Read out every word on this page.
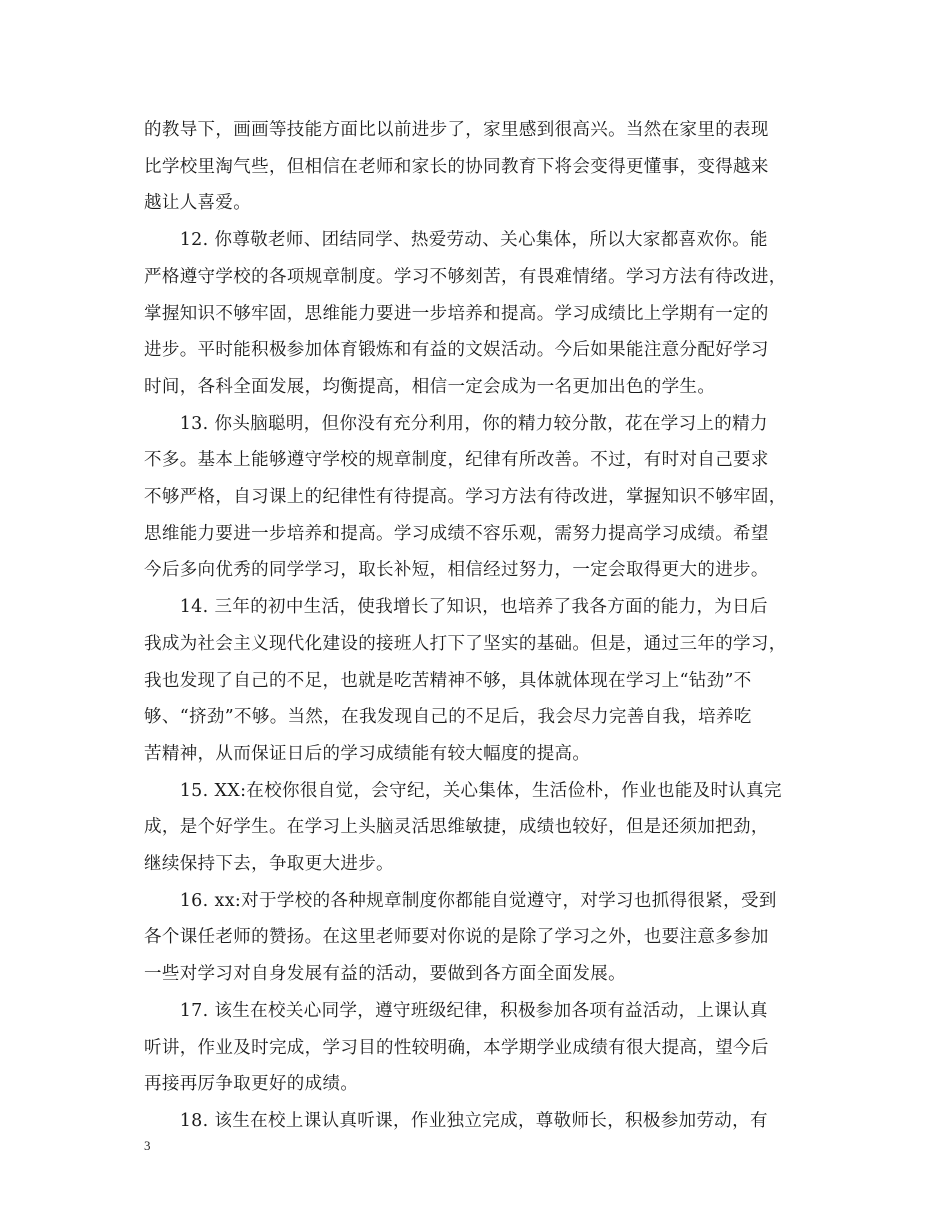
的教导下，画画等技能方面比以前进步了，家里感到很高兴。当然在家里的表现
比学校里淘气些，但相信在老师和家长的协同教育下将会变得更懂事，变得越来
越让人喜爱。
　　12. 你尊敬老师、团结同学、热爱劳动、关心集体，所以大家都喜欢你。能
严格遵守学校的各项规章制度。学习不够刻苦，有畏难情绪。学习方法有待改进，
掌握知识不够牢固，思维能力要进一步培养和提高。学习成绩比上学期有一定的
进步。平时能积极参加体育锻炼和有益的文娱活动。今后如果能注意分配好学习
时间，各科全面发展，均衡提高，相信一定会成为一名更加出色的学生。
　　13. 你头脑聪明，但你没有充分利用，你的精力较分散，花在学习上的精力
不多。基本上能够遵守学校的规章制度，纪律有所改善。不过，有时对自己要求
不够严格，自习课上的纪律性有待提高。学习方法有待改进，掌握知识不够牢固，
思维能力要进一步培养和提高。学习成绩不容乐观，需努力提高学习成绩。希望
今后多向优秀的同学学习，取长补短，相信经过努力，一定会取得更大的进步。
　　14. 三年的初中生活，使我增长了知识，也培养了我各方面的能力，为日后
我成为社会主义现代化建设的接班人打下了坚实的基础。但是，通过三年的学习，
我也发现了自己的不足，也就是吃苦精神不够，具体就体现在学习上“钻劲”不
够、“挤劲”不够。当然，在我发现自己的不足后，我会尽力完善自我，培养吃
苦精神，从而保证日后的学习成绩能有较大幅度的提高。
　　15. XX:在校你很自觉，会守纪，关心集体，生活俭朴，作业也能及时认真完
成，是个好学生。在学习上头脑灵活思维敏捷，成绩也较好，但是还须加把劲，
继续保持下去，争取更大进步。
　　16. xx:对于学校的各种规章制度你都能自觉遵守，对学习也抓得很紧，受到
各个课任老师的赞扬。在这里老师要对你说的是除了学习之外，也要注意多参加
一些对学习对自身发展有益的活动，要做到各方面全面发展。
　　17. 该生在校关心同学，遵守班级纪律，积极参加各项有益活动，上课认真
听讲，作业及时完成，学习目的性较明确，本学期学业成绩有很大提高，望今后
再接再厉争取更好的成绩。
　　18. 该生在校上课认真听课，作业独立完成，尊敬师长，积极参加劳动，有
3
